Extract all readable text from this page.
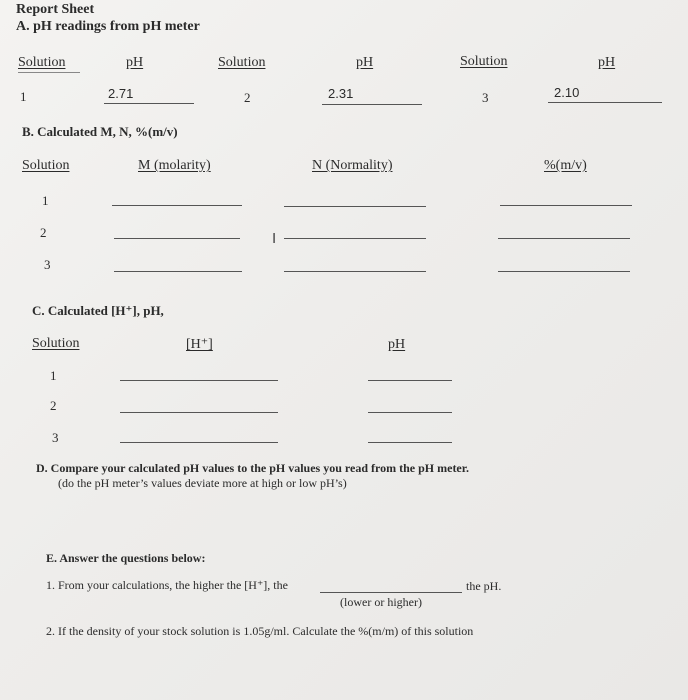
Report Sheet
A. pH readings from pH meter
Solution	pH	Solution	pH	Solution	pH
1	2.71	2	2.31	3	2.10
B. Calculated M, N, %(m/v)
Solution	M (molarity)	N (Normality)	%(m/v)
1
2	I
3
C. Calculated [H⁺], pH,
Solution	[H⁺]	pH
1
2
3
D. Compare your calculated pH values to the pH values you read from the pH meter.
(do the pH meter’s values deviate more at high or low pH’s)
E. Answer the questions below:
1. From your calculations, the higher the [H⁺], the	the pH.
(lower or higher)
2. If the density of your stock solution is 1.05g/ml. Calculate the %(m/m) of this solution
